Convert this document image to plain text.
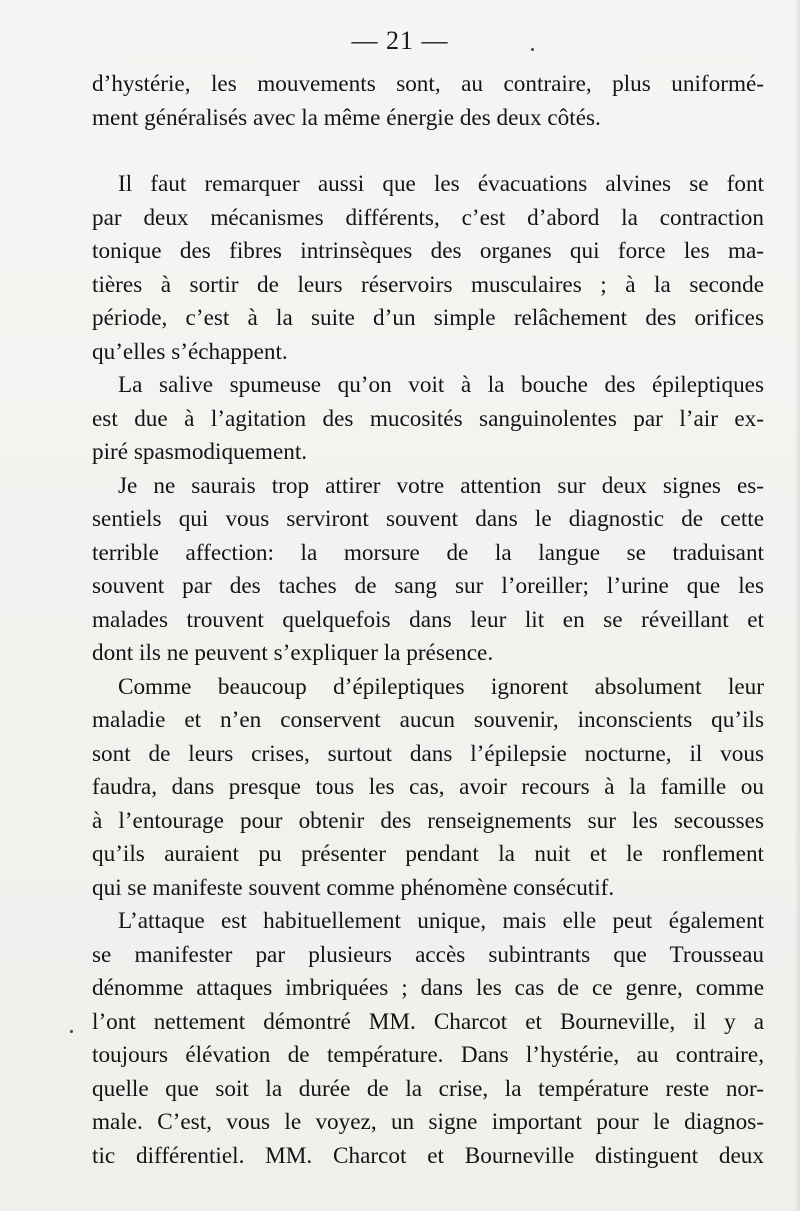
— 21 —
d’hystérie, les mouvements sont, au contraire, plus uniformé-
ment généralisés avec la même énergie des deux côtés.
Il faut remarquer aussi que les évacuations alvines se font
par deux mécanismes différents, c’est d’abord la contraction
tonique des fibres intrinsèques des organes qui force les ma-
tières à sortir de leurs réservoirs musculaires ; à la seconde
période, c’est à la suite d’un simple relâchement des orifices
qu’elles s’échappent.
La salive spumeuse qu’on voit à la bouche des épileptiques
est due à l’agitation des mucosités sanguinolentes par l’air ex-
piré spasmodiquement.
Je ne saurais trop attirer votre attention sur deux signes es-
sentiels qui vous serviront souvent dans le diagnostic de cette
terrible affection: la morsure de la langue se traduisant
souvent par des taches de sang sur l’oreiller; l’urine que les
malades trouvent quelquefois dans leur lit en se réveillant et
dont ils ne peuvent s’expliquer la présence.
Comme beaucoup d’épileptiques ignorent absolument leur
maladie et n’en conservent aucun souvenir, inconscients qu’ils
sont de leurs crises, surtout dans l’épilepsie nocturne, il vous
faudra, dans presque tous les cas, avoir recours à la famille ou
à l’entourage pour obtenir des renseignements sur les secousses
qu’ils auraient pu présenter pendant la nuit et le ronflement
qui se manifeste souvent comme phénomène consécutif.
L’attaque est habituellement unique, mais elle peut également
se manifester par plusieurs accès subintrants que Trousseau
dénomme attaques imbriquées ; dans les cas de ce genre, comme
l’ont nettement démontré MM. Charcot et Bourneville, il y a
toujours élévation de température. Dans l’hystérie, au contraire,
quelle que soit la durée de la crise, la température reste nor-
male. C’est, vous le voyez, un signe important pour le diagnos-
tic différentiel. MM. Charcot et Bourneville distinguent deux
